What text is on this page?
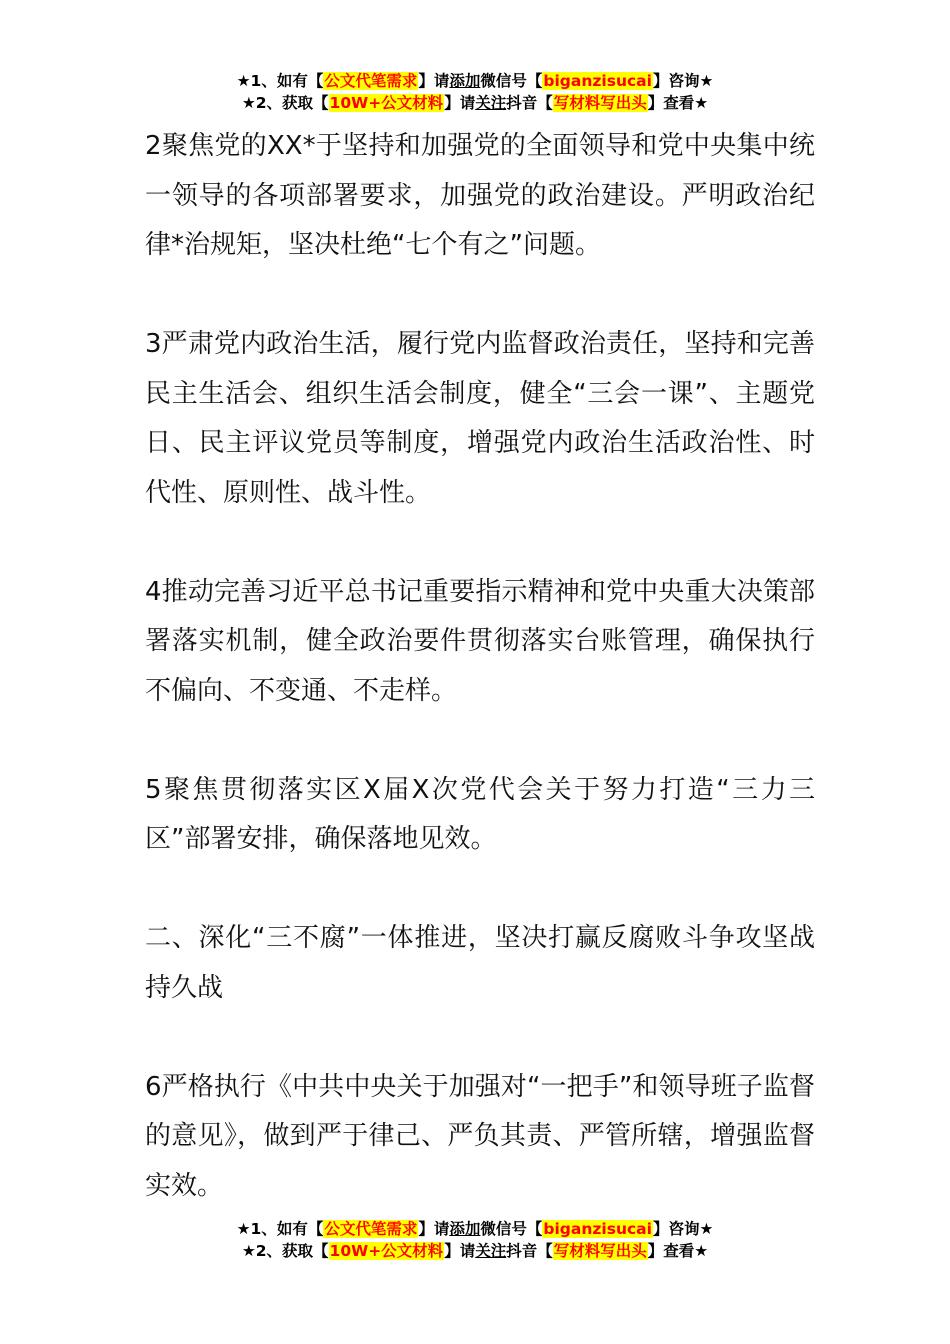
★1、如有【公文代笔需求】请添加微信号【biganzisucai】咨询★
★2、获取【10W+公文材料】请关注抖音【写材料写出头】查看★

2聚焦党的XX*于坚持和加强党的全面领导和党中央集中统一领导的各项部署要求，加强党的政治建设。严明政治纪律*治规矩，坚决杜绝“七个有之”问题。

3严肃党内政治生活，履行党内监督政治责任，坚持和完善民主生活会、组织生活会制度，健全“三会一课”、主题党日、民主评议党员等制度，增强党内政治生活政治性、时代性、原则性、战斗性。

4推动完善习近平总书记重要指示精神和党中央重大决策部署落实机制，健全政治要件贯彻落实台账管理，确保执行不偏向、不变通、不走样。

5聚焦贯彻落实区X届X次党代会关于努力打造“三力三区”部署安排，确保落地见效。

二、深化“三不腐”一体推进，坚决打赢反腐败斗争攻坚战持久战

6严格执行《中共中央关于加强对“一把手”和领导班子监督的意见》，做到严于律己、严负其责、严管所辖，增强监督实效。

★1、如有【公文代笔需求】请添加微信号【biganzisucai】咨询★
★2、获取【10W+公文材料】请关注抖音【写材料写出头】查看★
